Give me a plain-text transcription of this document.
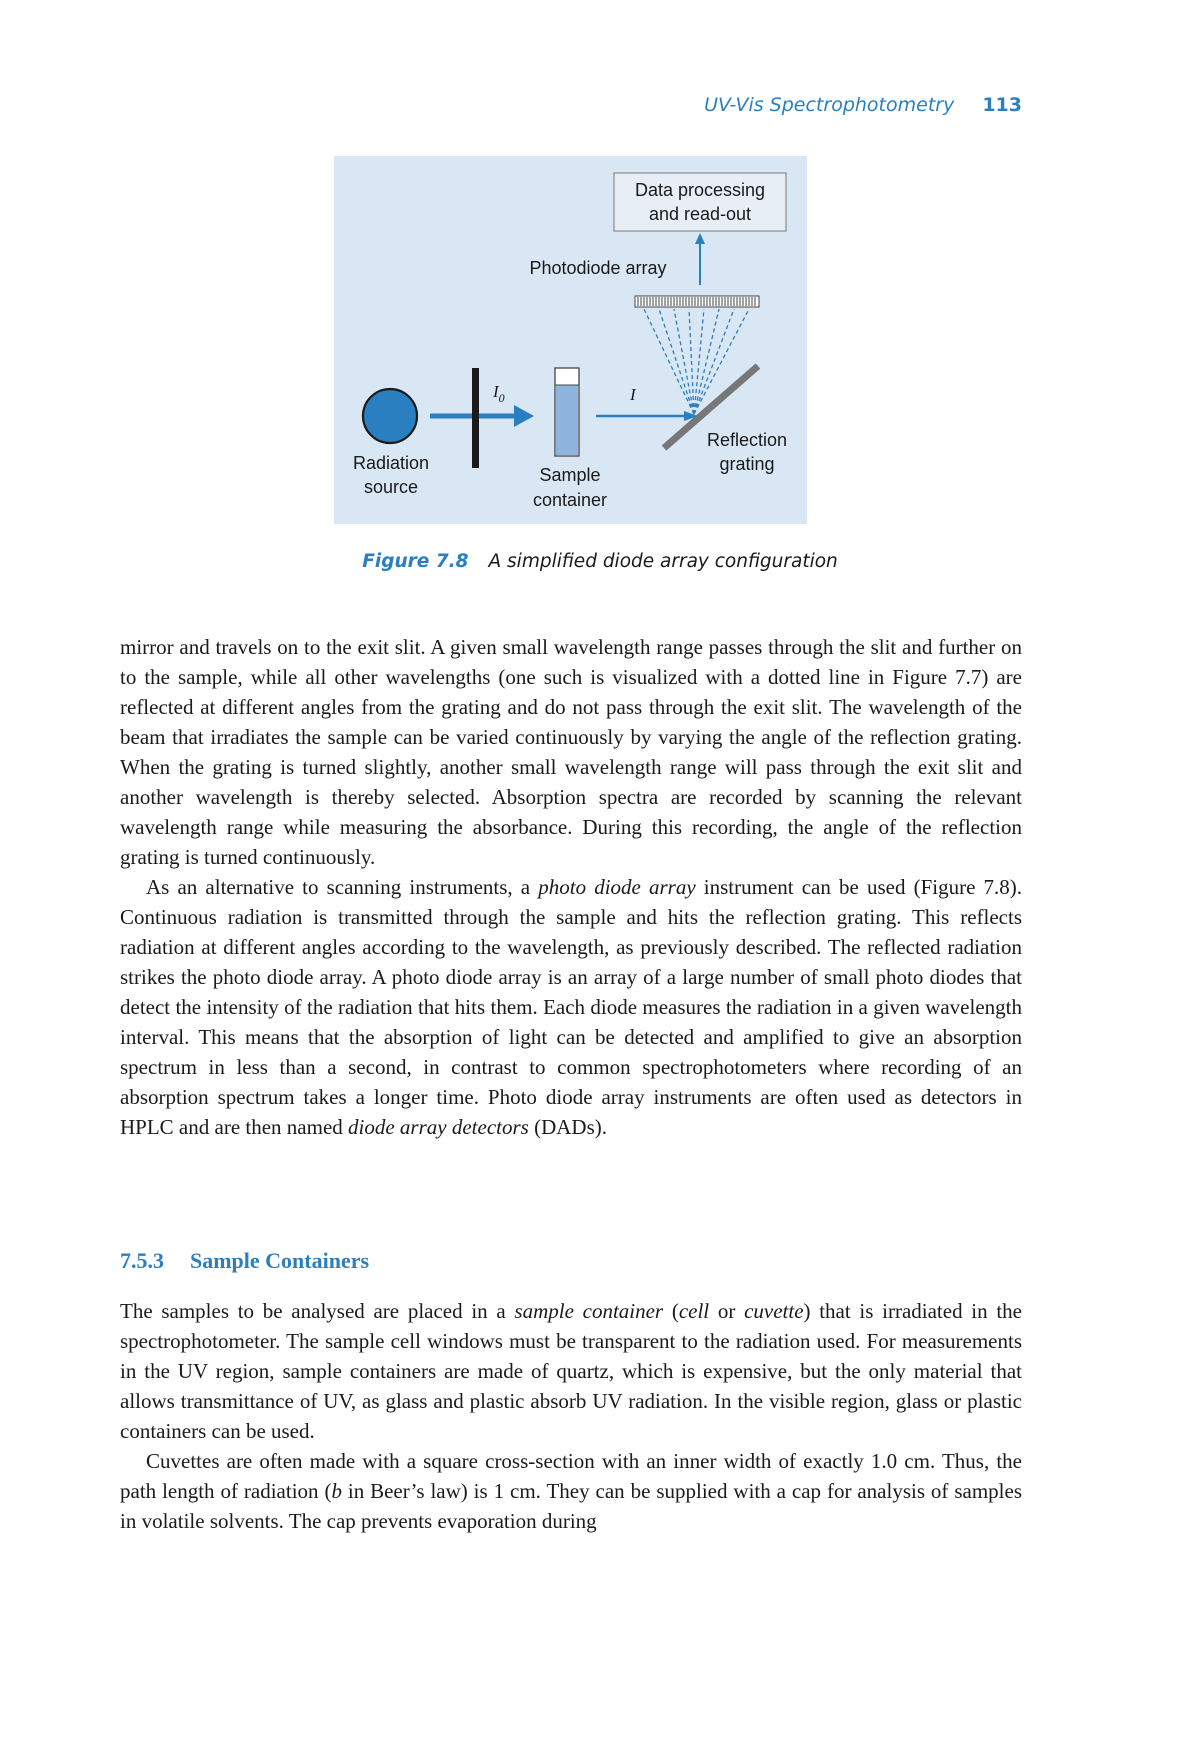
UV-Vis Spectrophotometry 113
Data processing
and read-out
Photodiode array
Reflection
grating
Radiation
source
$I_0$
Sample
container
I
Figure 7.8 A simplified diode array configuration

mirror and travels on to the exit slit. A given small wavelength range passes through the slit and further on to the sample, while all other wavelengths (one such is visualized with a dotted line in Figure 7.7) are reflected at different angles from the grating and do not pass through the exit slit. The wavelength of the beam that irradiates the sample can be varied continuously by varying the angle of the reflection grating. When the grating is turned slightly, another small wavelength range will pass through the exit slit and another wavelength is thereby selected. Absorption spectra are recorded by scanning the relevant wavelength range while measuring the absorbance. During this recording, the angle of the reflection grating is turned continuously.

As an alternative to scanning instruments, a photo diode array instrument can be used (Figure 7.8). Continuous radiation is transmitted through the sample and hits the reflection grating. This reflects radiation at different angles according to the wavelength, as previously described. The reflected radiation strikes the photo diode array. A photo diode array is an array of a large number of small photo diodes that detect the intensity of the radiation that hits them. Each diode measures the radiation in a given wavelength interval. This means that the absorption of light can be detected and amplified to give an absorption spectrum in less than a second, in contrast to common spectrophotometers where recording of an absorption spectrum takes a longer time. Photo diode array instruments are often used as detectors in HPLC and are then named diode array detectors (DADs).

7.5.3 Sample Containers

The samples to be analysed are placed in a sample container (cell or cuvette) that is irradiated in the spectrophotometer. The sample cell windows must be transparent to the radiation used. For measurements in the UV region, sample containers are made of quartz, which is expensive, but the only material that allows transmittance of UV, as glass and plastic absorb UV radiation. In the visible region, glass or plastic containers can be used.

Cuvettes are often made with a square cross-section with an inner width of exactly 1.0 cm. Thus, the path length of radiation (b in Beer’s law) is 1 cm. They can be supplied with a cap for analysis of samples in volatile solvents. The cap prevents evaporation during
